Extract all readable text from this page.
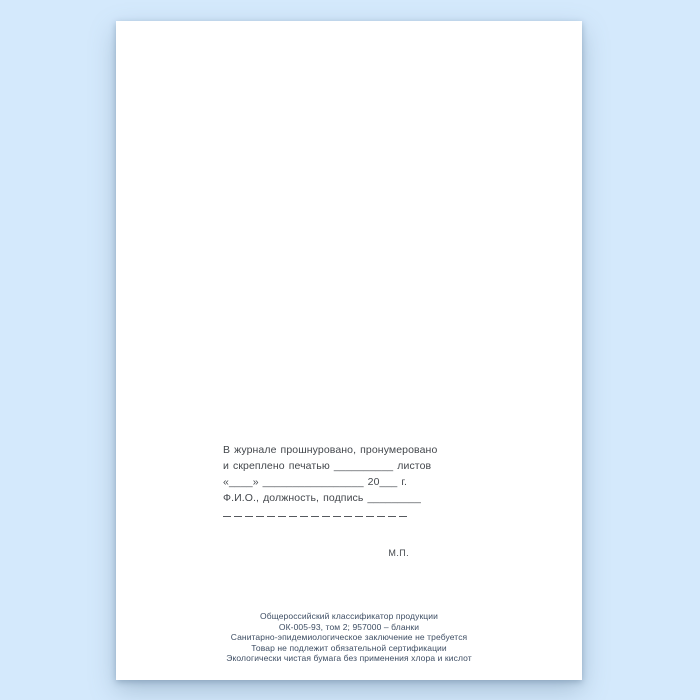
В журнале прошнуровано, пронумеровано
и скреплено печатью __________ листов
«____» _________________ 20___ г.
Ф.И.О., должность, подпись _________
М.П.
Общероссийский классификатор продукции
ОК-005-93, том 2; 957000 – бланки
Санитарно-эпидемиологическое заключение не требуется
Товар не подлежит обязательной сертификации
Экологически чистая бумага без применения хлора и кислот
